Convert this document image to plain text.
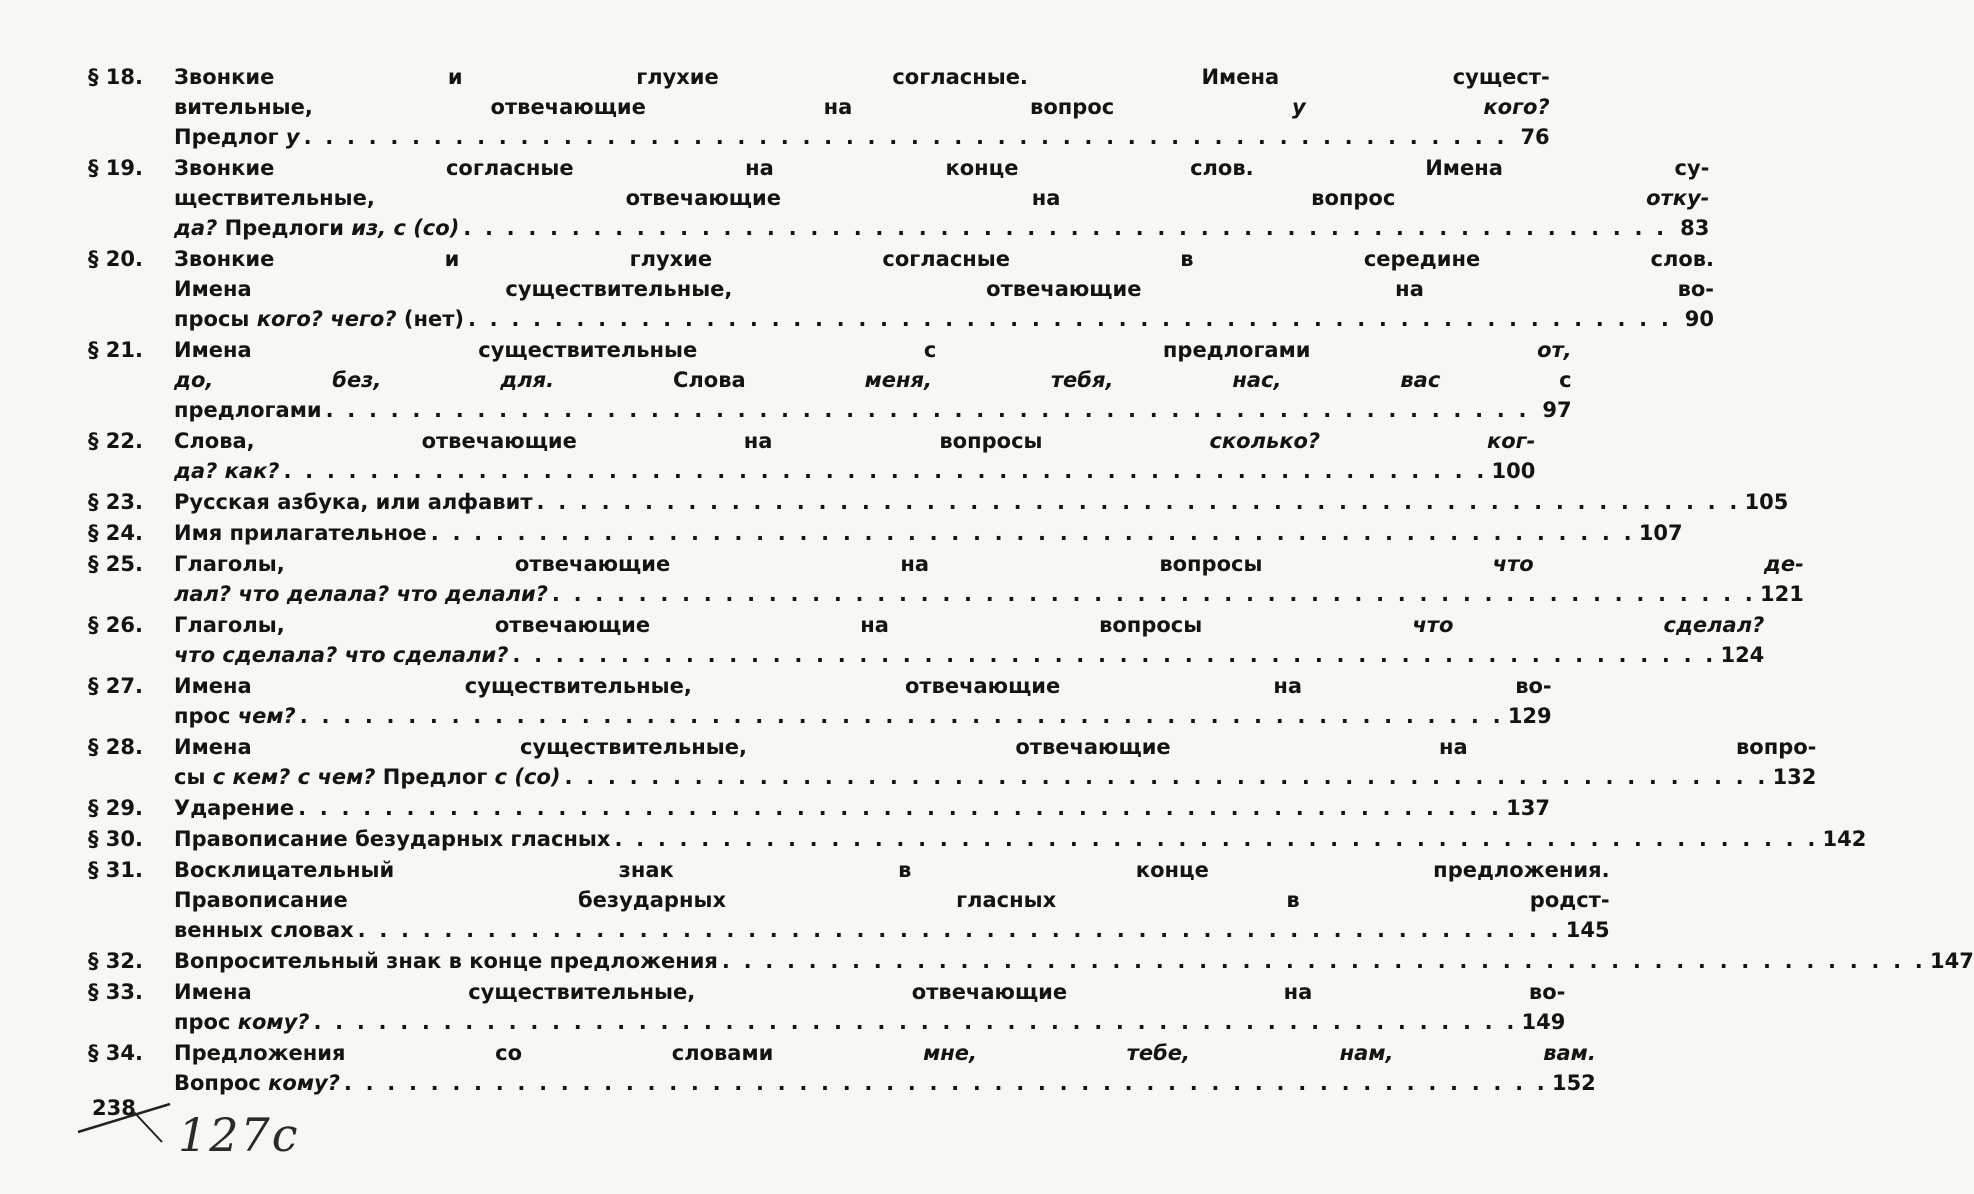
§ 18.	Звонкие и глухие согласные. Имена сущест-
вительные, отвечающие на вопрос у кого?
Предлог у . . .	76
§ 19.	Звонкие согласные на конце слов. Имена су-
ществительные, отвечающие на вопрос отку-
да? Предлоги из, с (со) . . .	83
§ 20.	Звонкие и глухие согласные в середине слов.
Имена существительные, отвечающие на во-
просы кого? чего? (нет) . . .	90
§ 21.	Имена существительные с предлогами от,
до, без, для. Слова меня, тебя, нас, вас с
предлогами . . .	97
§ 22.	Слова, отвечающие на вопросы сколько? ког-
да? как? . . .	100
§ 23.	Русская азбука, или алфавит . . .	105
§ 24.	Имя прилагательное . . .	107
§ 25.	Глаголы, отвечающие на вопросы что де-
лал? что делала? что делали? . . .	121
§ 26.	Глаголы, отвечающие на вопросы что сделал?
что сделала? что сделали? . . .	124
§ 27.	Имена существительные, отвечающие на во-
прос чем? . . .	129
§ 28.	Имена существительные, отвечающие на вопро-
сы с кем? с чем? Предлог с (со) . . .	132
§ 29.	Ударение . . .	137
§ 30.	Правописание безударных гласных . . .	142
§ 31.	Восклицательный знак в конце предложения.
Правописание безударных гласных в родст-
венных словах . . .	145
§ 32.	Вопросительный знак в конце предложения . . .	147
§ 33.	Имена существительные, отвечающие на во-
прос кому? . . .	149
§ 34.	Предложения со словами мне, тебе, нам, вам.
Вопрос кому? . . .	152
238 127с
